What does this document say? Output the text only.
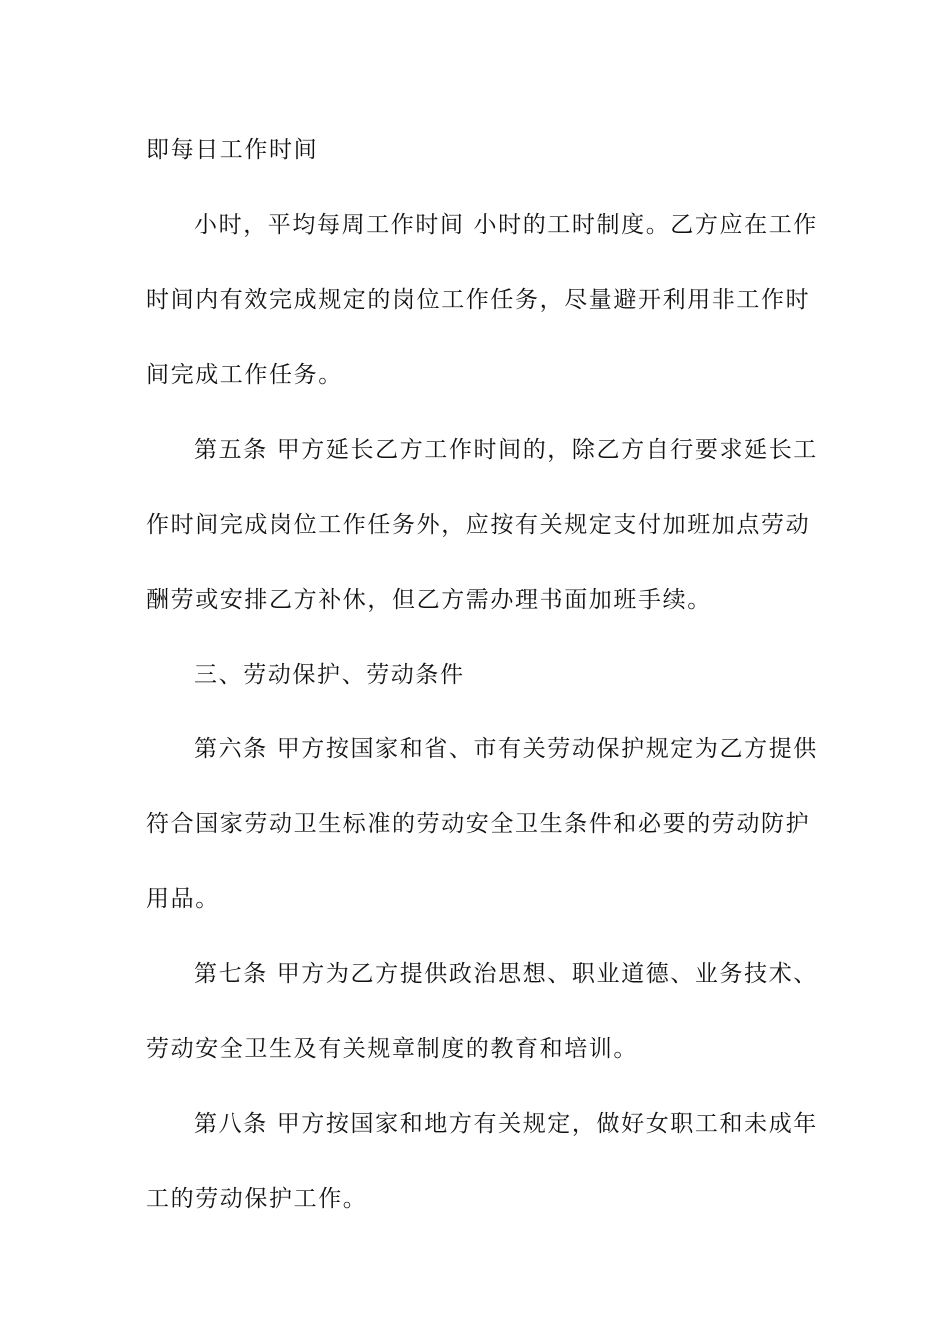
即每日工作时间
小时，平均每周工作时间 小时的工时制度。乙方应在工作
时间内有效完成规定的岗位工作任务，尽量避开利用非工作时
间完成工作任务。
第五条 甲方延长乙方工作时间的，除乙方自行要求延长工
作时间完成岗位工作任务外，应按有关规定支付加班加点劳动
酬劳或安排乙方补休，但乙方需办理书面加班手续。
三、劳动保护、劳动条件
第六条 甲方按国家和省、市有关劳动保护规定为乙方提供
符合国家劳动卫生标准的劳动安全卫生条件和必要的劳动防护
用品。
第七条 甲方为乙方提供政治思想、职业道德、业务技术、
劳动安全卫生及有关规章制度的教育和培训。
第八条 甲方按国家和地方有关规定，做好女职工和未成年
工的劳动保护工作。
